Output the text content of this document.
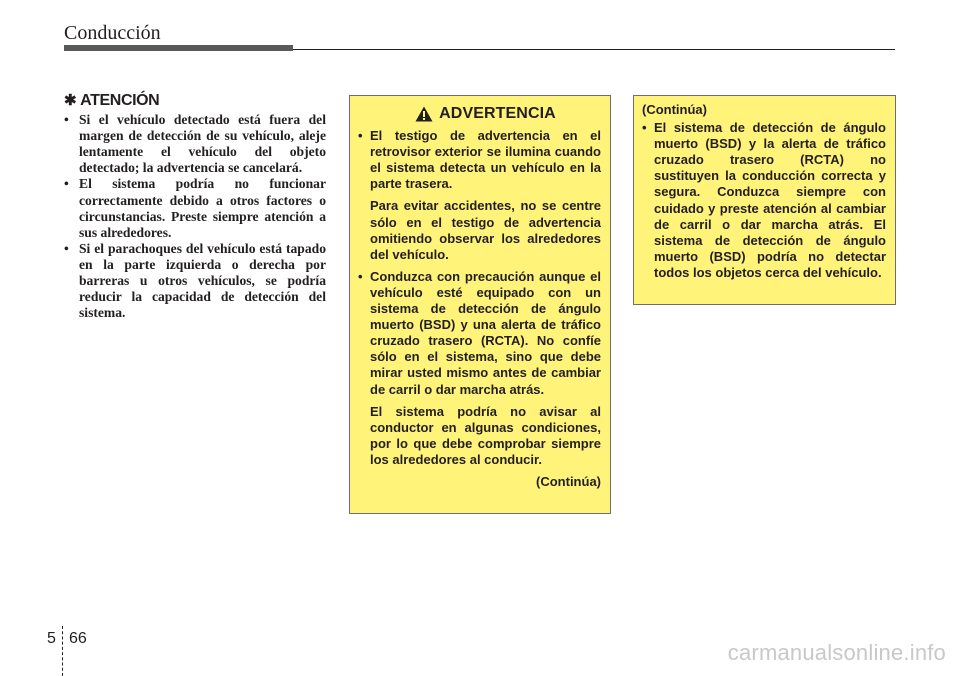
Conducción
✱ ATENCIÓN
• Si el vehículo detectado está fuera del margen de detección de su vehículo, aleje lentamente el vehículo del objeto detectado; la advertencia se cancelará.
• El sistema podría no funcionar correctamente debido a otros factores o circunstancias. Preste siempre atención a sus alrededores.
• Si el parachoques del vehículo está tapado en la parte izquierda o derecha por barreras u otros vehículos, se podría reducir la capacidad de detección del sistema.
ADVERTENCIA
• El testigo de advertencia en el retrovisor exterior se ilumina cuando el sistema detecta un vehículo en la parte trasera.

Para evitar accidentes, no se centre sólo en el testigo de advertencia omitiendo observar los alrededores del vehículo.

• Conduzca con precaución aunque el vehículo esté equipado con un sistema de detección de ángulo muerto (BSD) y una alerta de tráfico cruzado trasero (RCTA). No confíe sólo en el sistema, sino que debe mirar usted mismo antes de cambiar de carril o dar marcha atrás.

El sistema podría no avisar al conductor en algunas condiciones, por lo que debe comprobar siempre los alrededores al conducir.

(Continúa)

(Continúa)

• El sistema de detección de ángulo muerto (BSD) y la alerta de tráfico cruzado trasero (RCTA) no sustituyen la conducción correcta y segura. Conduzca siempre con cuidado y preste atención al cambiar de carril o dar marcha atrás. El sistema de detección de ángulo muerto (BSD) podría no detectar todos los objetos cerca del vehículo.
5 66
carmanualsonline.info
